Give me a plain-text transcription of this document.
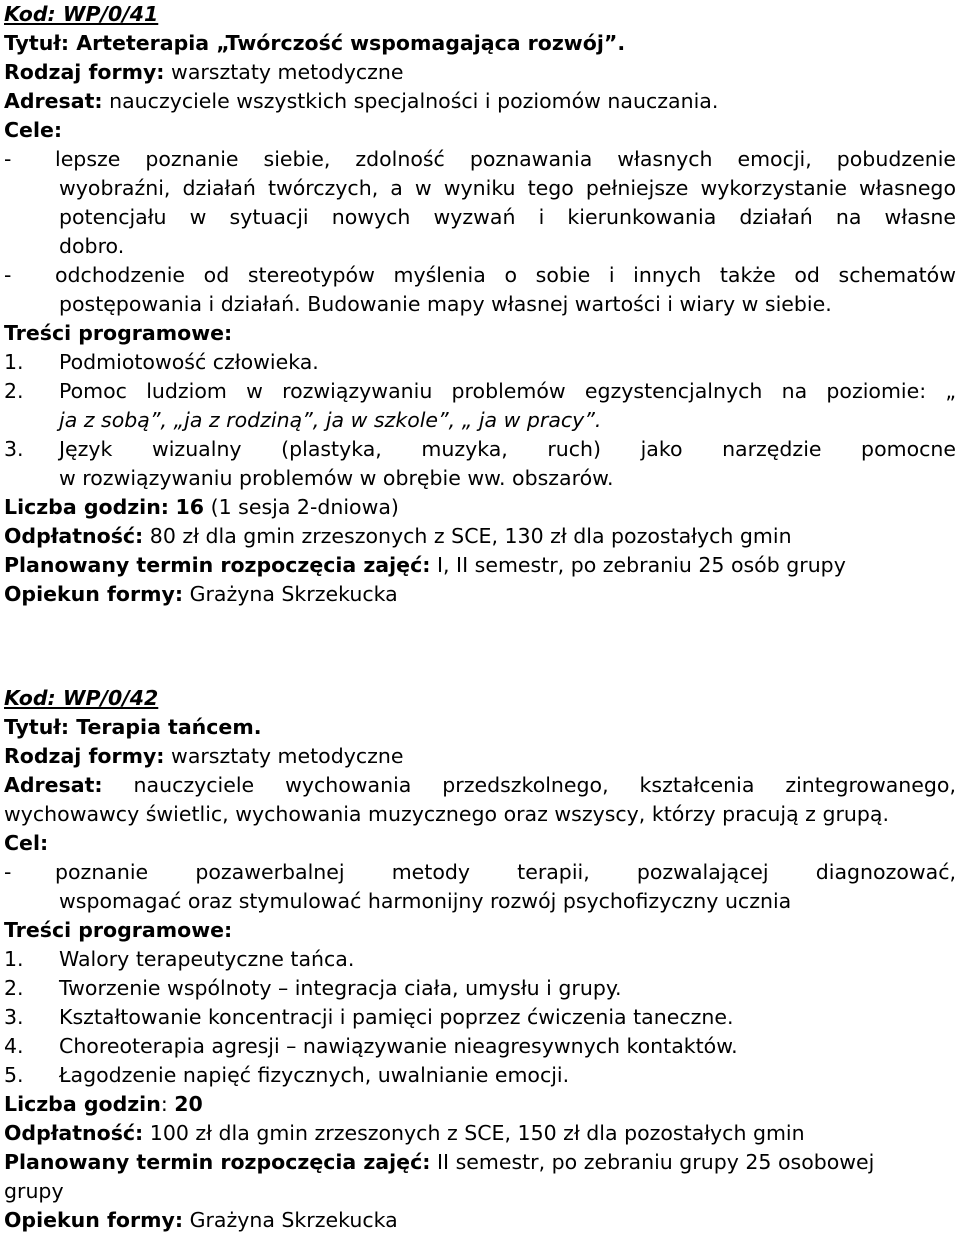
Kod: WP/0/41
Tytuł: Arteterapia „Twórczość wspomagająca rozwój”.
Rodzaj formy: warsztaty metodyczne
Adresat: nauczyciele wszystkich specjalności i poziomów nauczania.
Cele:
- lepsze poznanie siebie, zdolność poznawania własnych emocji, pobudzenie
wyobraźni, działań twórczych, a w wyniku tego pełniejsze wykorzystanie własnego
potencjału w sytuacji nowych wyzwań i kierunkowania działań na własne
dobro.
- odchodzenie od stereotypów myślenia o sobie i innych także od schematów
postępowania i działań. Budowanie mapy własnej wartości i wiary w siebie.
Treści programowe:
1. Podmiotowość człowieka.
2. Pomoc ludziom w rozwiązywaniu problemów egzystencjalnych na poziomie: „
ja z sobą”, „ja z rodziną”, ja w szkole”, „ ja w pracy”.
3. Język wizualny (plastyka, muzyka, ruch) jako narzędzie pomocne
w rozwiązywaniu problemów w obrębie ww. obszarów.
Liczba godzin: 16 (1 sesja 2-dniowa)
Odpłatność: 80 zł dla gmin zrzeszonych z SCE, 130 zł dla pozostałych gmin
Planowany termin rozpoczęcia zajęć: I, II semestr, po zebraniu 25 osób grupy
Opiekun formy: Grażyna Skrzekucka
Kod: WP/0/42
Tytuł: Terapia tańcem.
Rodzaj formy: warsztaty metodyczne
Adresat: nauczyciele wychowania przedszkolnego, kształcenia zintegrowanego,
wychowawcy świetlic, wychowania muzycznego oraz wszyscy, którzy pracują z grupą.
Cel:
- poznanie pozawerbalnej metody terapii, pozwalającej diagnozować,
wspomagać oraz stymulować harmonijny rozwój psychofizyczny ucznia
Treści programowe:
1. Walory terapeutyczne tańca.
2. Tworzenie wspólnoty – integracja ciała, umysłu i grupy.
3. Kształtowanie koncentracji i pamięci poprzez ćwiczenia taneczne.
4. Choreoterapia agresji – nawiązywanie nieagresywnych kontaktów.
5. Łagodzenie napięć fizycznych, uwalnianie emocji.
Liczba godzin: 20
Odpłatność: 100 zł dla gmin zrzeszonych z SCE, 150 zł dla pozostałych gmin
Planowany termin rozpoczęcia zajęć: II semestr, po zebraniu grupy 25 osobowej
grupy
Opiekun formy: Grażyna Skrzekucka
